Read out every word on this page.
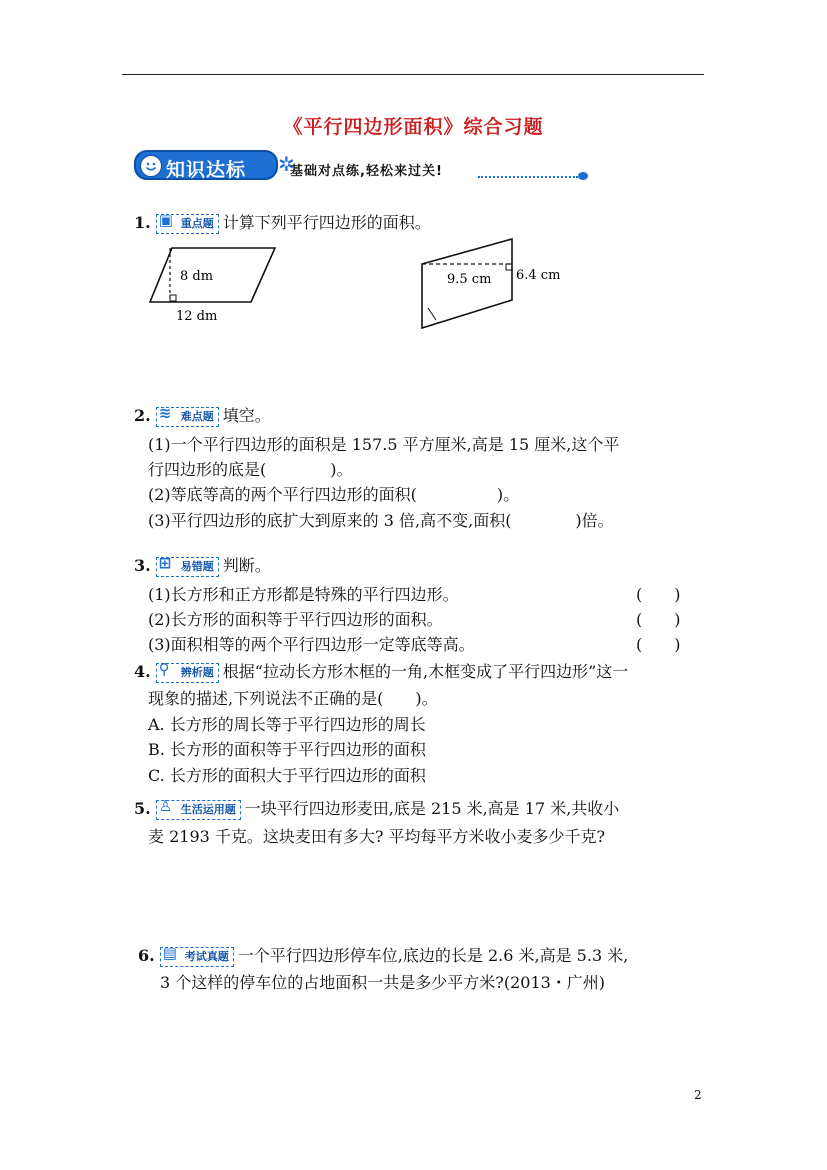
《平行四边形面积》综合习题
知识达标 ✲
基础对点练,轻松来过关!
1. ▣ 重点题 计算下列平行四边形的面积。
8 dm
12 dm
9.5 cm 6.4 cm
2. ≋ 难点题 填空。
(1)一个平行四边形的面积是 157.5 平方厘米,高是 15 厘米,这个平
行四边形的底是(　　　　)。
(2)等底等高的两个平行四边形的面积(　　　　　)。
(3)平行四边形的底扩大到原来的 3 倍,高不变,面积(　　　　)倍。
3. ⊞ 易错题 判断。
(1)长方形和正方形都是特殊的平行四边形。	(　　)
(2)长方形的面积等于平行四边形的面积。	(　　)
(3)面积相等的两个平行四边形一定等底等高。	(　　)
4. ⚲	辨析题 根据“拉动长方形木框的一角,木框变成了平行四边形”这一
现象的描述,下列说法不正确的是(　　)。
A. 长方形的周长等于平行四边形的周长
B. 长方形的面积等于平行四边形的面积
C. 长方形的面积大于平行四边形的面积
5. ♙ 生活运用题 一块平行四边形麦田,底是 215 米,高是 17 米,共收小
麦 2193 千克。这块麦田有多大? 平均每平方米收小麦多少千克?
6. ▤ 考试真题 一个平行四边形停车位,底边的长是 2.6 米,高是 5.3 米,
3 个这样的停车位的占地面积一共是多少平方米?(2013・广州)
2
